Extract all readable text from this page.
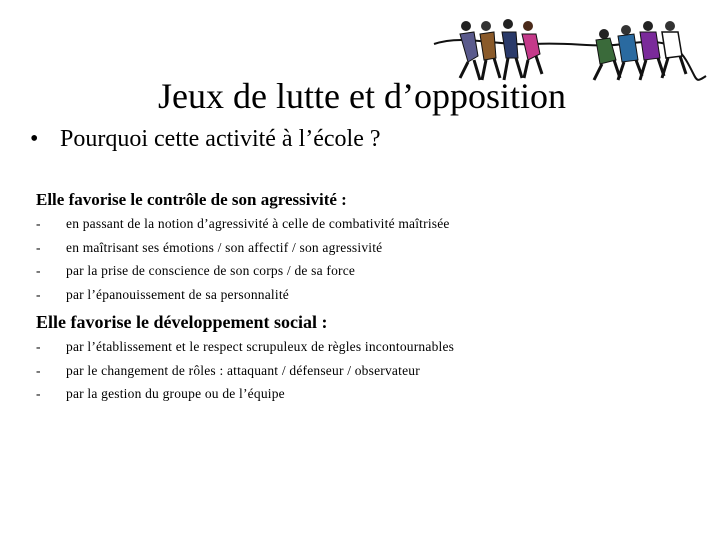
Jeux de lutte et d’opposition
• Pourquoi cette activité à l’école ?
Elle favorise le contrôle de son agressivité :
-	en passant de la notion d’agressivité à celle de combativité maîtrisée
-	en maîtrisant ses émotions / son affectif / son agressivité
-	par la prise de conscience de son corps / de sa force
-	par l’épanouissement de sa personnalité
Elle favorise le développement social :
-	par l’établissement et le respect scrupuleux de règles incontournables
-	par le changement de rôles : attaquant / défenseur / observateur
-	par la gestion du groupe ou de l’équipe
